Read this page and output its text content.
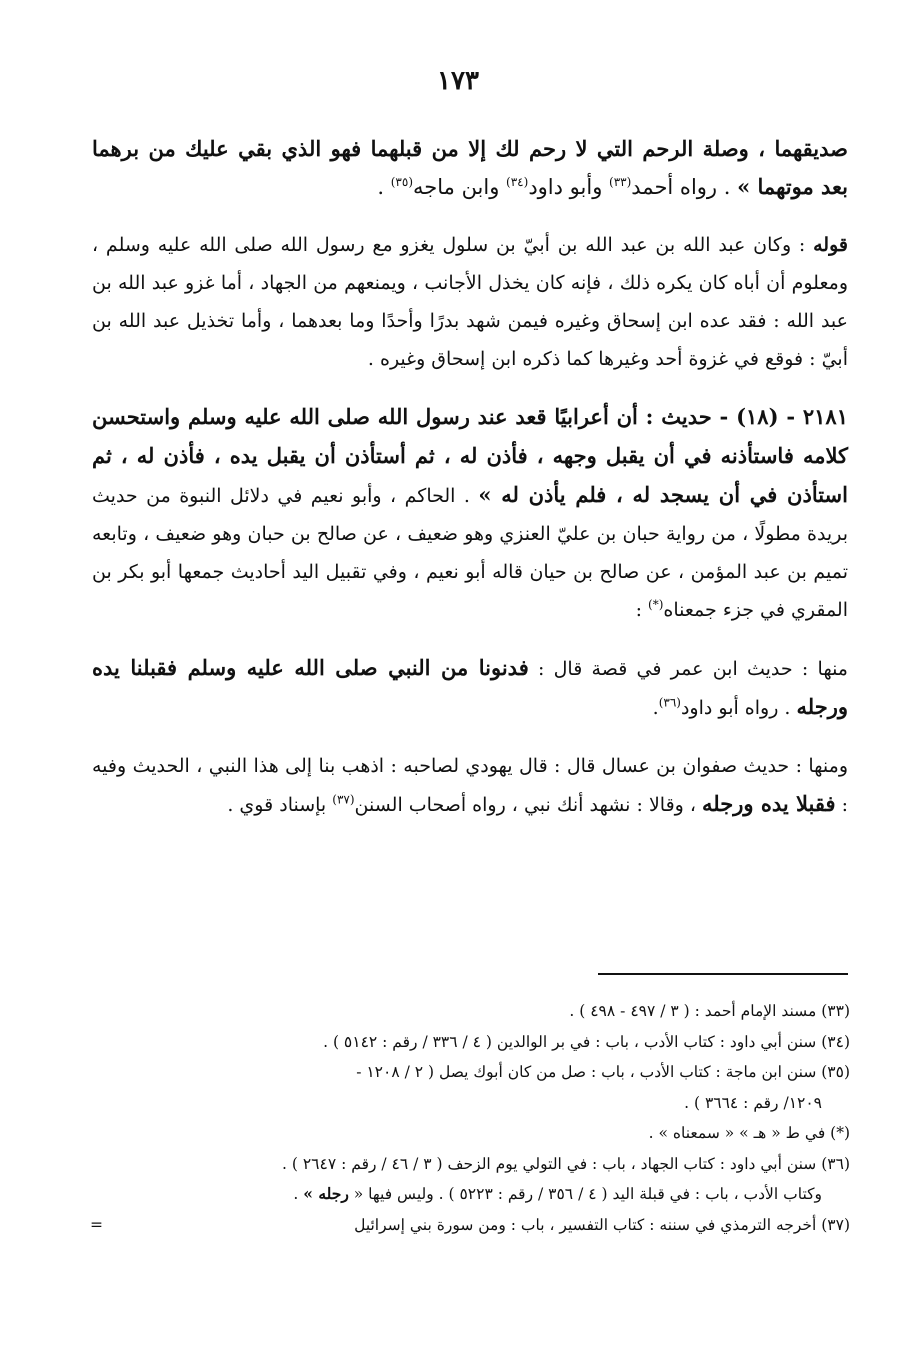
١٧٣

صديقهما ، وصلة الرحم التي لا رحم لك إلا من قبلهما فهو الذي بقي عليك من برهما بعد موتهما » . رواه أحمد$^{(٣٣)}$ وأبو داود$^{(٣٤)}$ وابن ماجه$^{(٣٥)}$ .

قوله : وكان عبد الله بن عبد الله بن أبيّ بن سلول يغزو مع رسول الله صلى الله عليه وسلم ، ومعلوم أن أباه كان يكره ذلك ، فإنه كان يخذل الأجانب ، ويمنعهم من الجهاد ، أما غزو عبد الله بن عبد الله : فقد عده ابن إسحاق وغيره فيمن شهد بدرًا وأحدًا وما بعدهما ، وأما تخذيل عبد الله بن أبيّ : فوقع في غزوة أحد وغيرها كما ذكره ابن إسحاق وغيره .

٢١٨١ - (١٨) - حديث : أن أعرابيًا قعد عند رسول الله صلى الله عليه وسلم واستحسن كلامه فاستأذنه في أن يقبل وجهه ، فأذن له ، ثم أستأذن أن يقبل يده ، فأذن له ، ثم استأذن في أن يسجد له ، فلم يأذن له » . الحاكم ، وأبو نعيم في دلائل النبوة من حديث بريدة مطولًا ، من رواية حبان بن عليّ العنزي وهو ضعيف ، عن صالح بن حبان وهو ضعيف ، وتابعه تميم بن عبد المؤمن ، عن صالح بن حيان قاله أبو نعيم ، وفي تقبيل اليد أحاديث جمعها أبو بكر بن المقري في جزء جمعناه(*) :

منها : حديث ابن عمر في قصة قال : فدنونا من النبي صلى الله عليه وسلم فقبلنا يده ورجله . رواه أبو داود$^{(٣٦)}$.

ومنها : حديث صفوان بن عسال قال : قال يهودي لصاحبه : اذهب بنا إلى هذا النبي ، الحديث وفيه : فقبلا يده ورجله ، وقالا : نشهد أنك نبي ، رواه أصحاب السنن$^{(٣٧)}$ بإسناد قوي .

(٣٣) مسند الإمام أحمد : ( ٣ / ٤٩٧ - ٤٩٨ ) .

(٣٤) سنن أبي داود : كتاب الأدب ، باب : في بر الوالدين ( ٤ / ٣٣٦ / رقم : ٥١٤٢ ) .

(٣٥) سنن ابن ماجة : كتاب الأدب ، باب : صل من كان أبوك يصل ( ٢ / ١٢٠٨ -

١٢٠٩/ رقم : ٣٦٦٤ ) .

(*) في ط « هـ » « سمعناه » .

(٣٦) سنن أبي داود : كتاب الجهاد ، باب : في التولي يوم الزحف ( ٣ / ٤٦ / رقم : ٢٦٤٧ ) .

وكتاب الأدب ، باب : في قبلة اليد ( ٤ / ٣٥٦ / رقم : ٥٢٢٣ ) . وليس فيها « رجله » .

(٣٧) أخرجه الترمذي في سننه : كتاب التفسير ، باب : ومن سورة بني إسرائيل
=
